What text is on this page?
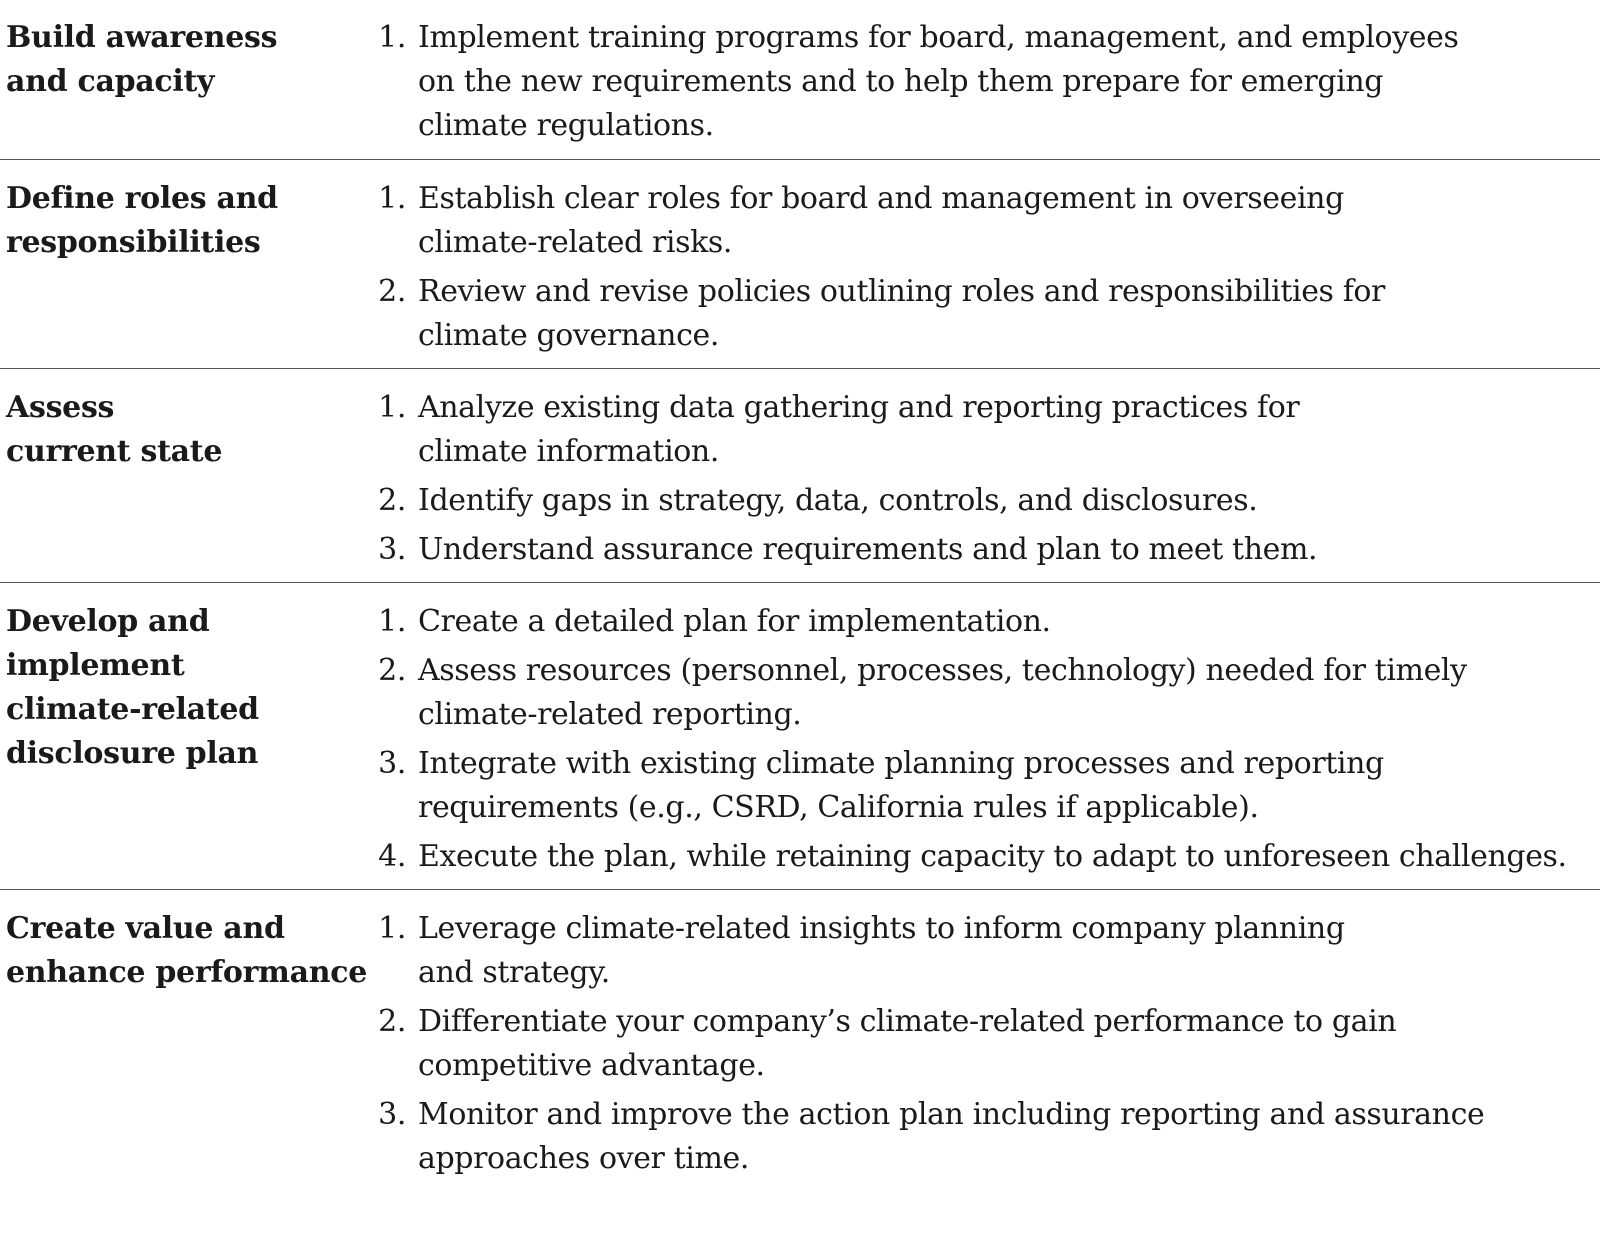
Build awareness
and capacity
1. Implement training programs for board, management, and employees
on the new requirements and to help them prepare for emerging
climate regulations.
Define roles and
responsibilities
1. Establish clear roles for board and management in overseeing
climate-related risks.
2. Review and revise policies outlining roles and responsibilities for
climate governance.
Assess
current state
1. Analyze existing data gathering and reporting practices for
climate information.
2. Identify gaps in strategy, data, controls, and disclosures.
3. Understand assurance requirements and plan to meet them.
Develop and
implement
climate-related
disclosure plan
1. Create a detailed plan for implementation.
2. Assess resources (personnel, processes, technology) needed for timely
climate-related reporting.
3. Integrate with existing climate planning processes and reporting
requirements (e.g., CSRD, California rules if applicable).
4. Execute the plan, while retaining capacity to adapt to unforeseen challenges.
Create value and
enhance performance
1. Leverage climate-related insights to inform company planning
and strategy.
2. Differentiate your company’s climate-related performance to gain
competitive advantage.
3. Monitor and improve the action plan including reporting and assurance
approaches over time.
